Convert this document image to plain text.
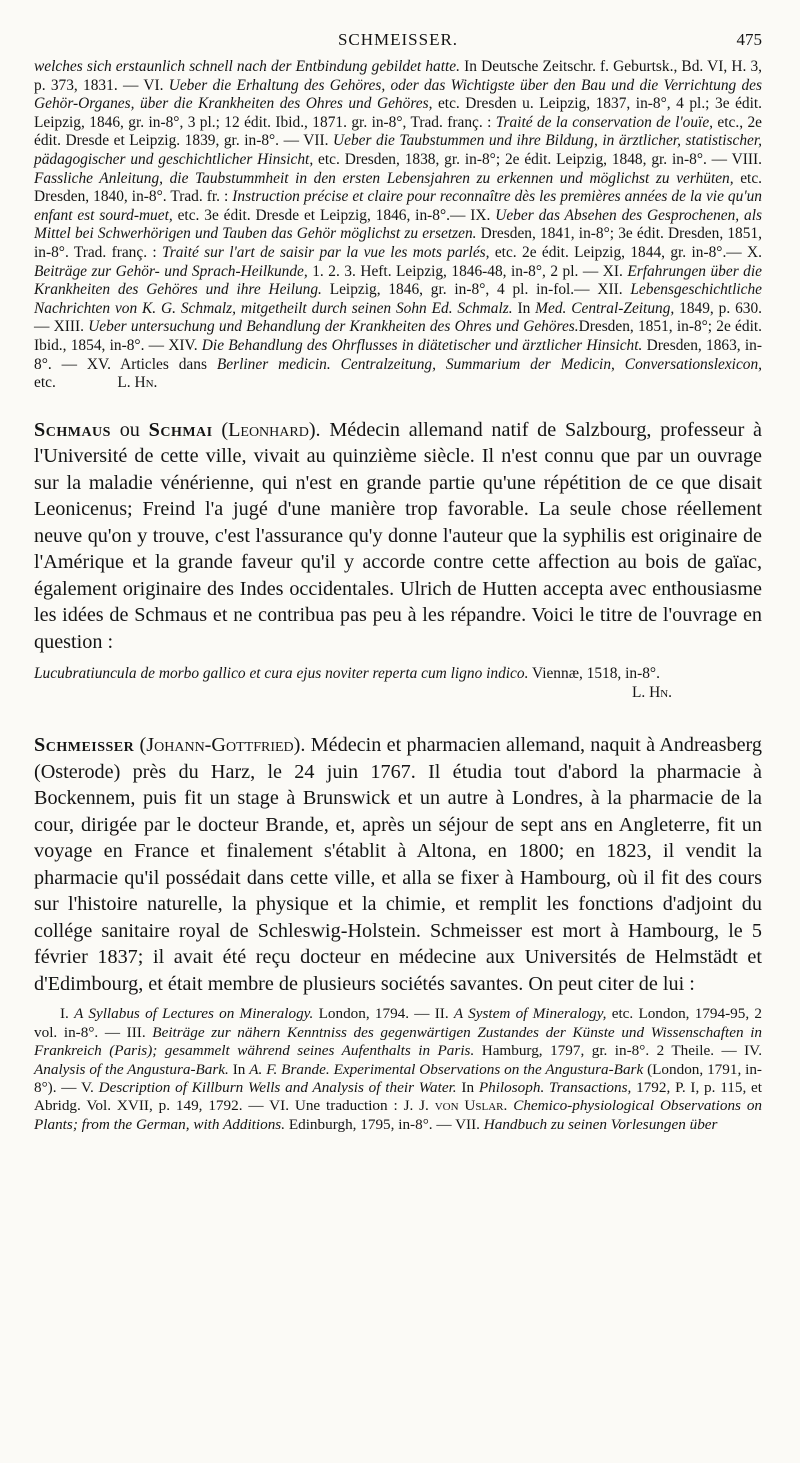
SCHMEISSER.	475

welches sich erstaunlich schnell nach der Entbindung gebildet hatte. In Deutsche Zeitschr. f. Geburtsk., Bd. VI, H. 3, p. 373, 1831. — VI. Ueber die Erhaltung des Gehöres, oder das Wichtigste über den Bau und die Verrichtung des Gehör-Organes, über die Krankheiten des Ohres und Gehöres, etc. Dresden u. Leipzig, 1837, in-8°, 4 pl.; 3e édit. Leipzig, 1846, gr. in-8°, 3 pl.; 12 édit. Ibid., 1871. gr. in-8°, Trad. franç. : Traité de la conservation de l'ouïe, etc., 2e édit. Dresde et Leipzig. 1839, gr. in-8°. — VII. Ueber die Taubstummen und ihre Bildung, in ärztlicher, statistischer, pädagogischer und geschichtlicher Hinsicht, etc. Dresden, 1838, gr. in-8°; 2e édit. Leipzig, 1848, gr. in-8°. — VIII. Fassliche Anleitung, die Taubstummheit in den ersten Lebensjahren zu erkennen und möglichst zu verhüten, etc. Dresden, 1840, in-8°. Trad. fr. : Instruction précise et claire pour reconnaître dès les premières années de la vie qu'un enfant est sourd-muet, etc. 3e édit. Dresde et Leipzig, 1846, in-8°.— IX. Ueber das Absehen des Gesprochenen, als Mittel bei Schwerhörigen und Tauben das Gehör möglichst zu ersetzen. Dresden, 1841, in-8°; 3e édit. Dresden, 1851, in-8°. Trad. franç. : Traité sur l'art de saisir par la vue les mots parlés, etc. 2e édit. Leipzig, 1844, gr. in-8°.— X. Beiträge zur Gehör- und Sprach-Heilkunde, 1. 2. 3. Heft. Leipzig, 1846-48, in-8°, 2 pl. — XI. Erfahrungen über die Krankheiten des Gehöres und ihre Heilung. Leipzig, 1846, gr. in-8°, 4 pl. in-fol.— XII. Lebensgeschichtliche Nachrichten von K. G. Schmalz, mitgetheilt durch seinen Sohn Ed. Schmalz. In Med. Central-Zeitung, 1849, p. 630. — XIII. Ueber untersuchung und Behandlung der Krankheiten des Ohres und Gehöres.Dresden, 1851, in-8°; 2e édit. Ibid., 1854, in-8°. — XIV. Die Behandlung des Ohrflusses in diätetischer und ärztlicher Hinsicht. Dresden, 1863, in-8°. — XV. Articles dans Berliner medicin. Centralzeitung, Summarium der Medicin, Conversationslexicon, etc.	L. Hn.

Schmaus ou Schmai (Leonhard). Médecin allemand natif de Salzbourg, professeur à l'Université de cette ville, vivait au quinzième siècle. Il n'est connu que par un ouvrage sur la maladie vénérienne, qui n'est en grande partie qu'une répétition de ce que disait Leonicenus; Freind l'a jugé d'une manière trop favorable. La seule chose réellement neuve qu'on y trouve, c'est l'assurance qu'y donne l'auteur que la syphilis est originaire de l'Amérique et la grande faveur qu'il y accorde contre cette affection au bois de gaïac, également originaire des Indes occidentales. Ulrich de Hutten accepta avec enthousiasme les idées de Schmaus et ne contribua pas peu à les répandre. Voici le titre de l'ouvrage en question :

Lucubratiuncula de morbo gallico et cura ejus noviter reperta cum ligno indico. Viennæ, 1518, in-8°.

L. Hn.

Schmeisser (Johann-Gottfried). Médecin et pharmacien allemand, naquit à Andreasberg (Osterode) près du Harz, le 24 juin 1767. Il étudia tout d'abord la pharmacie à Bockennem, puis fit un stage à Brunswick et un autre à Londres, à la pharmacie de la cour, dirigée par le docteur Brande, et, après un séjour de sept ans en Angleterre, fit un voyage en France et finalement s'établit à Altona, en 1800; en 1823, il vendit la pharmacie qu'il possédait dans cette ville, et alla se fixer à Hambourg, où il fit des cours sur l'histoire naturelle, la physique et la chimie, et remplit les fonctions d'adjoint du collége sanitaire royal de Schleswig-Holstein. Schmeisser est mort à Hambourg, le 5 février 1837; il avait été reçu docteur en médecine aux Universités de Helmstädt et d'Edimbourg, et était membre de plusieurs sociétés savantes. On peut citer de lui :

I. A Syllabus of Lectures on Mineralogy. London, 1794. — II. A System of Mineralogy, etc. London, 1794-95, 2 vol. in-8°. — III. Beiträge zur nähern Kenntniss des gegenwärtigen Zustandes der Künste und Wissenschaften in Frankreich (Paris); gesammelt während seines Aufenthalts in Paris. Hamburg, 1797, gr. in-8°. 2 Theile. — IV. Analysis of the Angustura-Bark. In A. F. Brande. Experimental Observations on the Angustura-Bark (London, 1791, in-8°). — V. Description of Killburn Wells and Analysis of their Water. In Philosoph. Transactions, 1792, P. I, p. 115, et Abridg. Vol. XVII, p. 149, 1792. — VI. Une traduction : J. J. von Uslar. Chemico-physiological Observations on Plants; from the German, with Additions. Edinburgh, 1795, in-8°. — VII. Handbuch zu seinen Vorlesungen über
